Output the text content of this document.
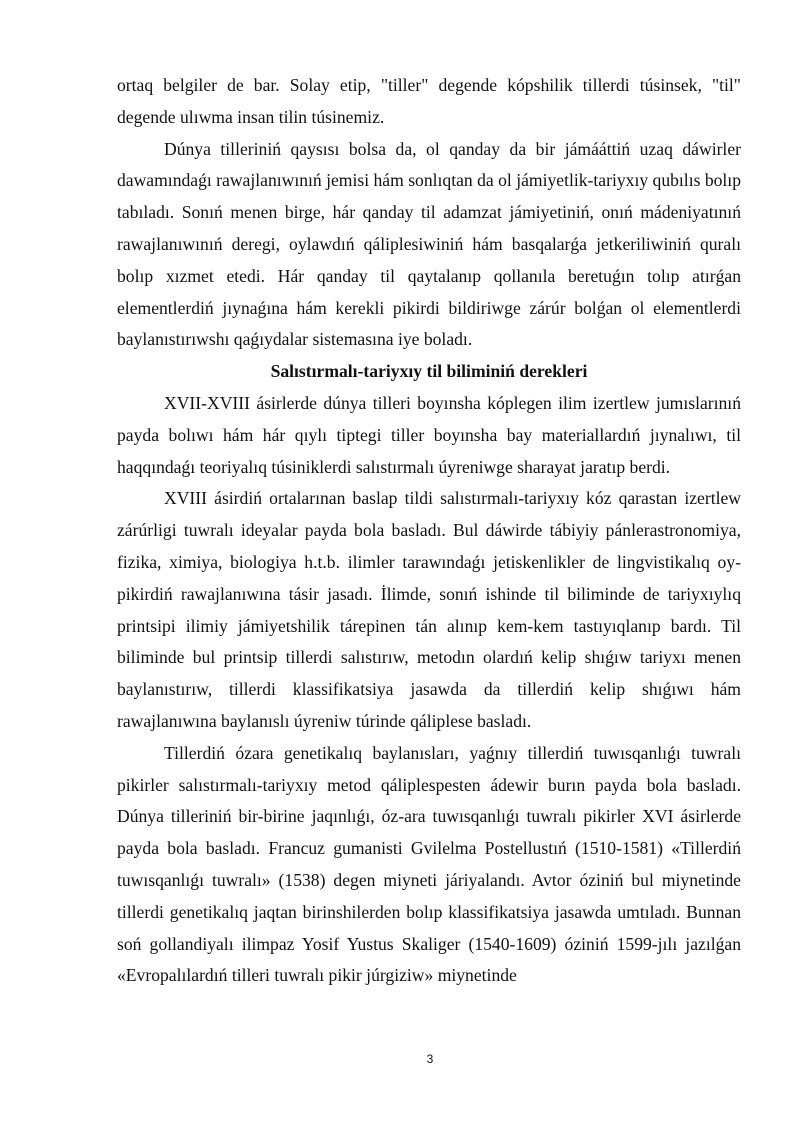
ortaq belgiler de bar. Solay etip, "tiller" degende kópshilik tillerdi túsinsek, "til" degende ulıwma insan tilin túsinemiz.

Dúnya tilleriniń qaysısı bolsa da, ol qanday da bir jámááttiń uzaq dáwirler dawamındaǵı rawajlanıwınıń jemisi hám sonlıqtan da ol jámiyetlik-tariyxıy qubılıs bolıp tabıladı. Sonıń menen birge, hár qanday til adamzat jámiyetiniń, onıń mádeniyatınıń rawajlanıwınıń deregi, oylawdıń qáliplesiwiniń hám basqalarǵa jetkeriliwiniń quralı bolıp xızmet etedi. Hár qanday til qaytalanıp qollanıla beretuǵın tolıp atırǵan elementlerdiń jıynaǵına hám kerekli pikirdi bildiriwge zárúr bolǵan ol elementlerdi baylanıstırıwshı qaǵıydalar sistemasına iye boladı.

Salıstırmalı-tariyxıy til biliminiń derekleri

XVII-XVIII ásirlerde dúnya tilleri boyınsha kóplegen ilim izertlew jumıslarınıń payda bolıwı hám hár qıylı tiptegi tiller boyınsha bay materiallardıń jıynalıwı, til haqqındaǵı teoriyalıq túsiniklerdi salıstırmalı úyreniwge sharayat jaratıp berdi.

XVIII ásirdiń ortalarınan baslap tildi salıstırmalı-tariyxıy kóz qarastan izertlew zárúrligi tuwralı ideyalar payda bola basladı. Bul dáwirde tábiyiy pánlerastronomiya, fizika, ximiya, biologiya h.t.b. ilimler tarawındaǵı jetiskenlikler de lingvistikalıq oy-pikirdiń rawajlanıwına tásir jasadı. İlimde, sonıń ishinde til biliminde de tariyxıylıq printsipi ilimiy jámiyetshilik tárepinen tán alınıp kem-kem tastıyıqlanıp bardı. Til biliminde bul printsip tillerdi salıstırıw, metodın olardıń kelip shıǵıw tariyxı menen baylanıstırıw, tillerdi klassifikatsiya jasawda da tillerdiń kelip shıǵıwı hám rawajlanıwına baylanıslı úyreniw túrinde qáliplese basladı.

Tillerdiń ózara genetikalıq baylanısları, yaǵnıy tillerdiń tuwısqanlıǵı tuwralı pikirler salıstırmalı-tariyxıy metod qáliplespesten ádewir burın payda bola basladı. Dúnya tilleriniń bir-birine jaqınlıǵı, óz-ara tuwısqanlıǵı tuwralı pikirler XVI ásirlerde payda bola basladı. Francuz gumanisti Gvilelma Postellustıń (1510-1581) «Tillerdiń tuwısqanlıǵı tuwralı» (1538) degen miyneti járiyalandı. Avtor óziniń bul miynetinde tillerdi genetikalıq jaqtan birinshilerden bolıp klassifikatsiya jasawda umtıladı. Bunnan soń gollandiyalı ilimpaz Yosif Yustus Skaliger (1540-1609) óziniń 1599-jılı jazılǵan «Evropalılardıń tilleri tuwralı pikir júrgiziw» miynetinde

3
